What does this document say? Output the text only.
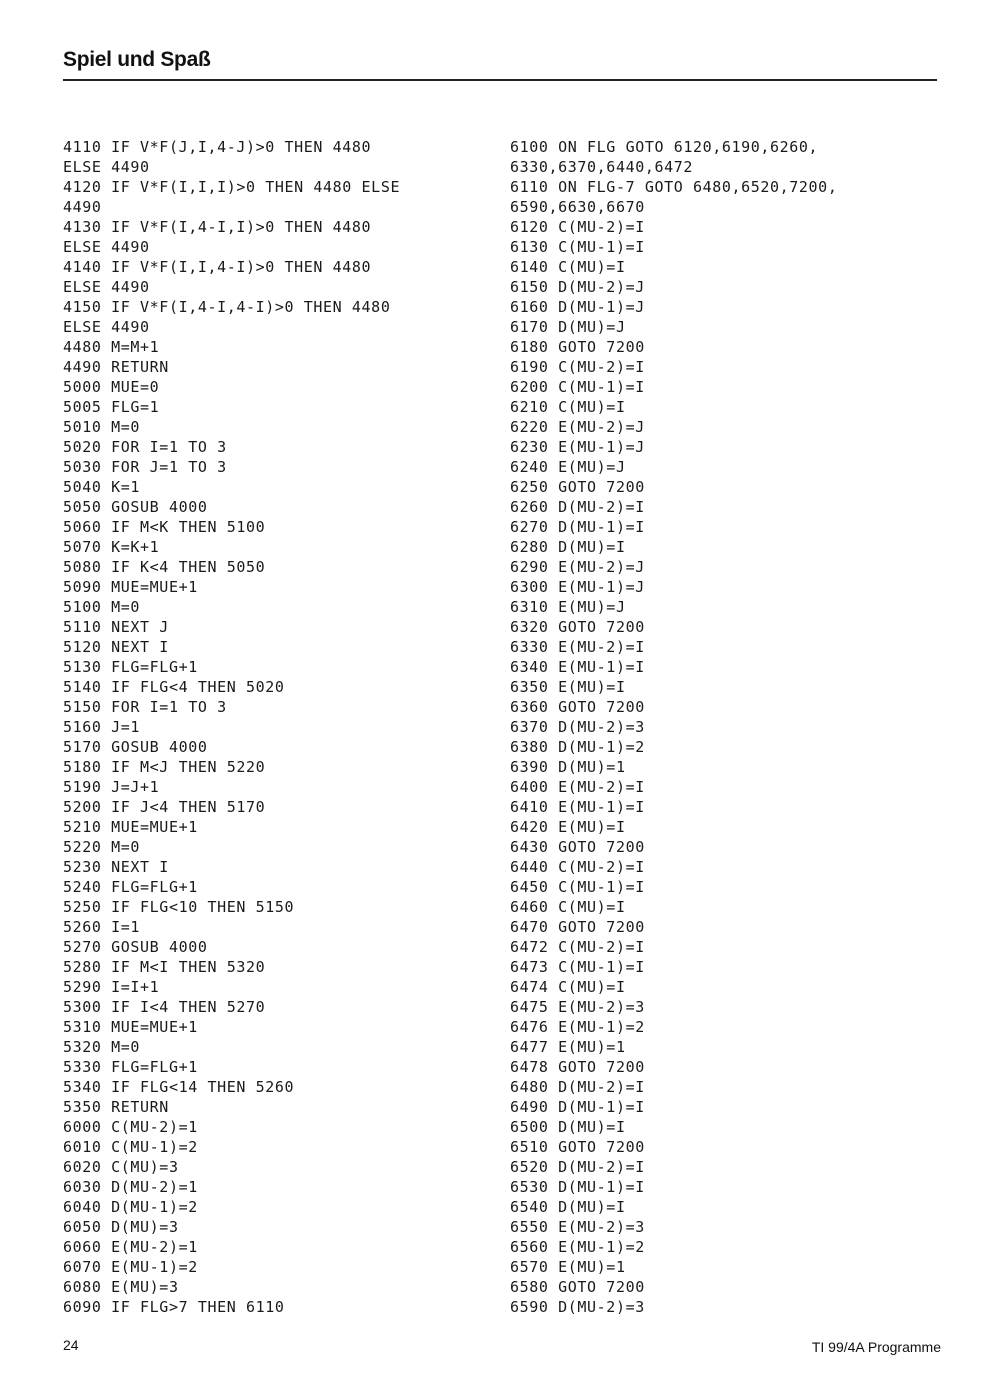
Spiel und Spaß
4110 IF V*F(J,I,4-J)>0 THEN 4480
ELSE 4490
4120 IF V*F(I,I,I)>0 THEN 4480 ELSE
4490
4130 IF V*F(I,4-I,I)>0 THEN 4480
ELSE 4490
4140 IF V*F(I,I,4-I)>0 THEN 4480
ELSE 4490
4150 IF V*F(I,4-I,4-I)>0 THEN 4480
ELSE 4490
4480 M=M+1
4490 RETURN
5000 MUE=0
5005 FLG=1
5010 M=0
5020 FOR I=1 TO 3
5030 FOR J=1 TO 3
5040 K=1
5050 GOSUB 4000
5060 IF M<K THEN 5100
5070 K=K+1
5080 IF K<4 THEN 5050
5090 MUE=MUE+1
5100 M=0
5110 NEXT J
5120 NEXT I
5130 FLG=FLG+1
5140 IF FLG<4 THEN 5020
5150 FOR I=1 TO 3
5160 J=1
5170 GOSUB 4000
5180 IF M<J THEN 5220
5190 J=J+1
5200 IF J<4 THEN 5170
5210 MUE=MUE+1
5220 M=0
5230 NEXT I
5240 FLG=FLG+1
5250 IF FLG<10 THEN 5150
5260 I=1
5270 GOSUB 4000
5280 IF M<I THEN 5320
5290 I=I+1
5300 IF I<4 THEN 5270
5310 MUE=MUE+1
5320 M=0
5330 FLG=FLG+1
5340 IF FLG<14 THEN 5260
5350 RETURN
6000 C(MU-2)=1
6010 C(MU-1)=2
6020 C(MU)=3
6030 D(MU-2)=1
6040 D(MU-1)=2
6050 D(MU)=3
6060 E(MU-2)=1
6070 E(MU-1)=2
6080 E(MU)=3
6090 IF FLG>7 THEN 6110
6100 ON FLG GOTO 6120,6190,6260,
6330,6370,6440,6472
6110 ON FLG-7 GOTO 6480,6520,7200,
6590,6630,6670
6120 C(MU-2)=I
6130 C(MU-1)=I
6140 C(MU)=I
6150 D(MU-2)=J
6160 D(MU-1)=J
6170 D(MU)=J
6180 GOTO 7200
6190 C(MU-2)=I
6200 C(MU-1)=I
6210 C(MU)=I
6220 E(MU-2)=J
6230 E(MU-1)=J
6240 E(MU)=J
6250 GOTO 7200
6260 D(MU-2)=I
6270 D(MU-1)=I
6280 D(MU)=I
6290 E(MU-2)=J
6300 E(MU-1)=J
6310 E(MU)=J
6320 GOTO 7200
6330 E(MU-2)=I
6340 E(MU-1)=I
6350 E(MU)=I
6360 GOTO 7200
6370 D(MU-2)=3
6380 D(MU-1)=2
6390 D(MU)=1
6400 E(MU-2)=I
6410 E(MU-1)=I
6420 E(MU)=I
6430 GOTO 7200
6440 C(MU-2)=I
6450 C(MU-1)=I
6460 C(MU)=I
6470 GOTO 7200
6472 C(MU-2)=I
6473 C(MU-1)=I
6474 C(MU)=I
6475 E(MU-2)=3
6476 E(MU-1)=2
6477 E(MU)=1
6478 GOTO 7200
6480 D(MU-2)=I
6490 D(MU-1)=I
6500 D(MU)=I
6510 GOTO 7200
6520 D(MU-2)=I
6530 D(MU-1)=I
6540 D(MU)=I
6550 E(MU-2)=3
6560 E(MU-1)=2
6570 E(MU)=1
6580 GOTO 7200
6590 D(MU-2)=3
24	TI 99/4A Programme
